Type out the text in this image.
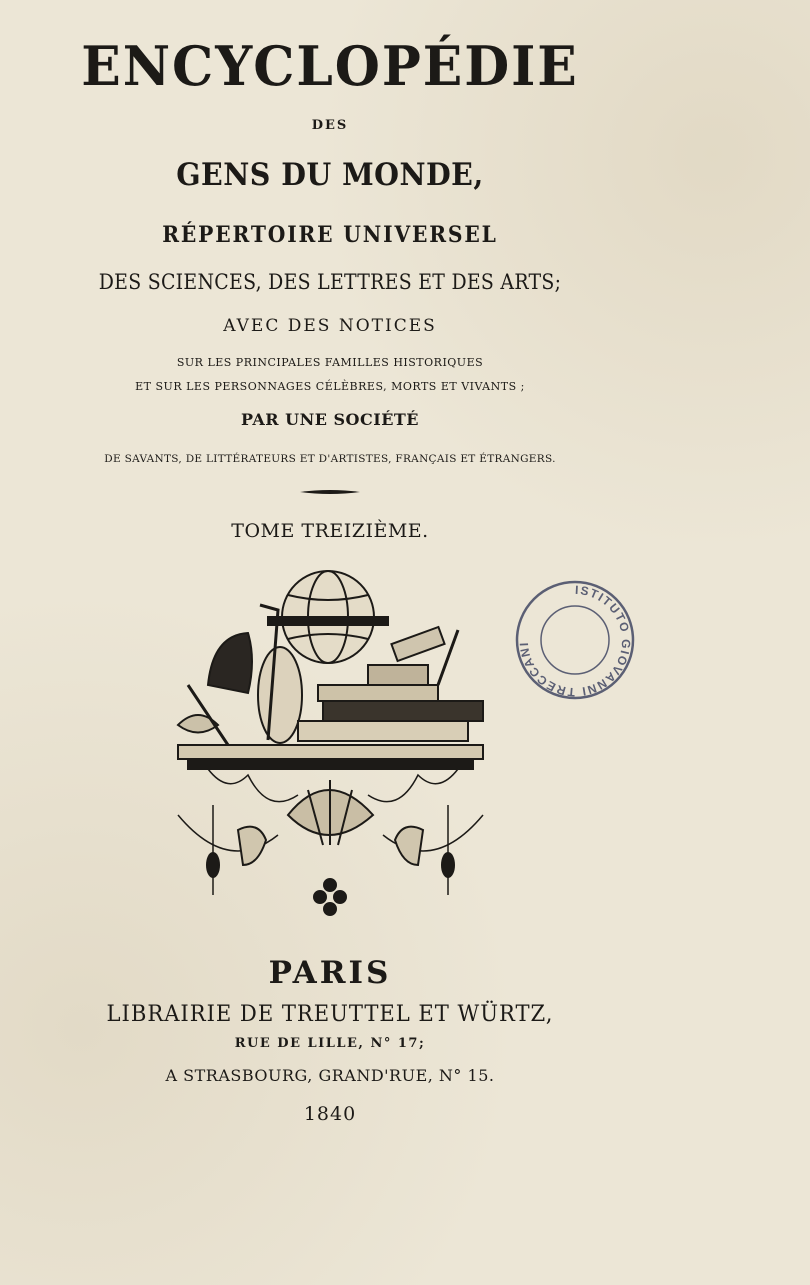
ENCYCLOPÉDIE
DES
GENS DU MONDE,
RÉPERTOIRE UNIVERSEL
DES SCIENCES, DES LETTRES ET DES ARTS;
AVEC DES NOTICES
SUR LES PRINCIPALES FAMILLES HISTORIQUES
ET SUR LES PERSONNAGES CÉLÈBRES, MORTS ET VIVANTS ;
PAR UNE SOCIÉTÉ
DE SAVANTS, DE LITTÉRATEURS ET D'ARTISTES, FRANÇAIS ET ÉTRANGERS.
TOME TREIZIÈME.
ISTITUTO GIOVANNI TRECCANI
PARIS
LIBRAIRIE DE TREUTTEL ET WÜRTZ,
RUE DE LILLE, N° 17;
A STRASBOURG, GRAND'RUE, N° 15.
1840
